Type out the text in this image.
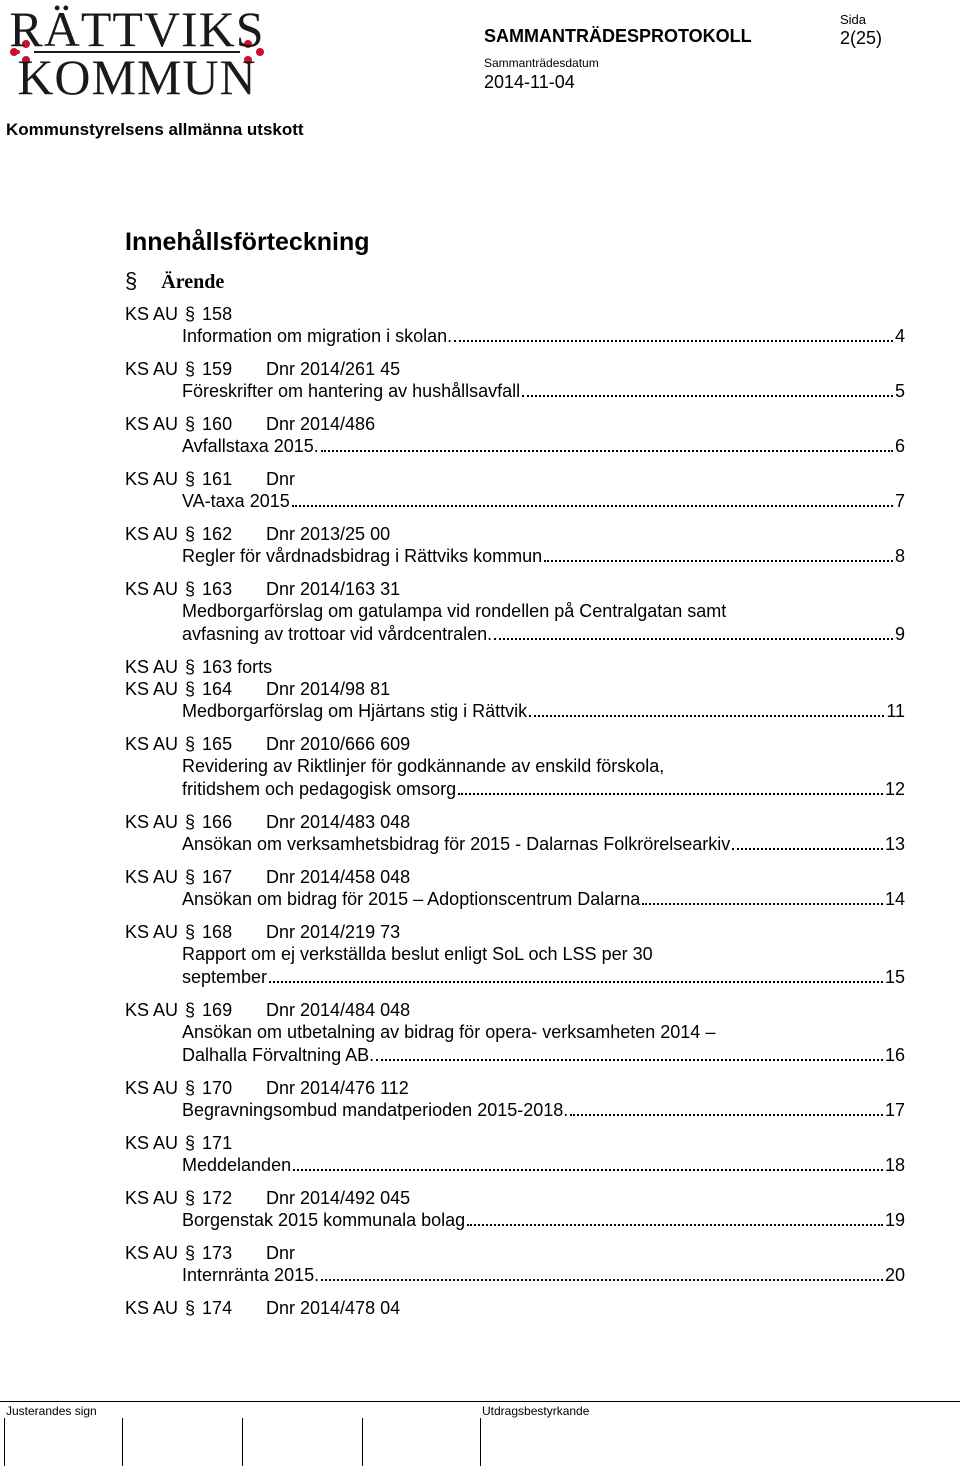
RÄTTVIKS
KOMMUN
SAMMANTRÄDESPROTOKOLL
Sida
2(25)
Sammanträdesdatum
2014-11-04
Kommunstyrelsens allmänna utskott
Innehållsförteckning
§ Ärende
KS AU § 158
Information om migration i skolan.	4
KS AU § 159	Dnr 2014/261 45
Föreskrifter om hantering av hushållsavfall	5
KS AU § 160	Dnr 2014/486
Avfallstaxa 2015.	6
KS AU § 161	Dnr
VA-taxa 2015	7
KS AU § 162	Dnr 2013/25 00
Regler för vårdnadsbidrag i Rättviks kommun	8
KS AU § 163	Dnr 2014/163 31
Medborgarförslag om gatulampa vid rondellen på Centralgatan samt
avfasning av trottoar vid vårdcentralen.	9
KS AU § 163 forts
KS AU § 164	Dnr 2014/98 81
Medborgarförslag om Hjärtans stig i Rättvik	11
KS AU § 165	Dnr 2010/666 609
Revidering av Riktlinjer för godkännande av enskild förskola,
fritidshem och pedagogisk omsorg	12
KS AU § 166	Dnr 2014/483 048
Ansökan om verksamhetsbidrag för 2015 - Dalarnas Folkrörelsearkiv	13
KS AU § 167	Dnr 2014/458 048
Ansökan om bidrag för 2015 – Adoptionscentrum Dalarna	14
KS AU § 168	Dnr 2014/219 73
Rapport om ej verkställda beslut enligt SoL och LSS per 30
september	15
KS AU § 169	Dnr 2014/484 048
Ansökan om utbetalning av bidrag för opera- verksamheten 2014 –
Dalhalla Förvaltning AB.	16
KS AU § 170	Dnr 2014/476 112
Begravningsombud mandatperioden 2015-2018.	17
KS AU § 171
Meddelanden	18
KS AU § 172	Dnr 2014/492 045
Borgenstak 2015 kommunala bolag	19
KS AU § 173	Dnr
Internränta 2015.	20
KS AU § 174	Dnr 2014/478 04
Justerandes sign	Utdragsbestyrkande
